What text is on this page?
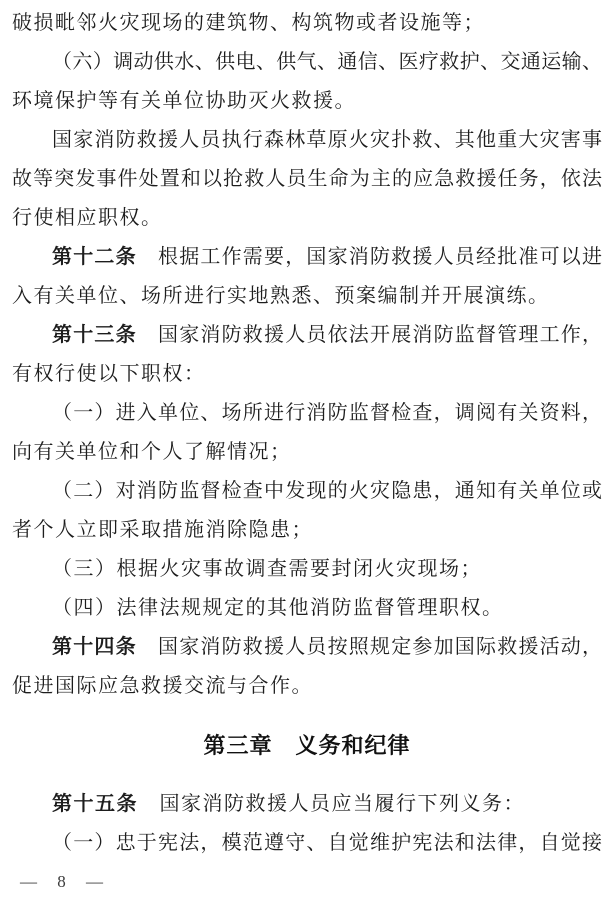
破损毗邻火灾现场的建筑物、构筑物或者设施等；

（六）调动供水、供电、供气、通信、医疗救护、交通运输、

环境保护等有关单位协助灭火救援。

国家消防救援人员执行森林草原火灾扑救、其他重大灾害事

故等突发事件处置和以抢救人员生命为主的应急救援任务，依法

行使相应职权。

第十二条　根据工作需要，国家消防救援人员经批准可以进

入有关单位、场所进行实地熟悉、预案编制并开展演练。

第十三条　国家消防救援人员依法开展消防监督管理工作，

有权行使以下职权：

（一）进入单位、场所进行消防监督检查，调阅有关资料，

向有关单位和个人了解情况；

（二）对消防监督检查中发现的火灾隐患，通知有关单位或

者个人立即采取措施消除隐患；

（三）根据火灾事故调查需要封闭火灾现场；

（四）法律法规规定的其他消防监督管理职权。

第十四条　国家消防救援人员按照规定参加国际救援活动，

促进国际应急救援交流与合作。

第三章　义务和纪律

第十五条　国家消防救援人员应当履行下列义务：

（一）忠于宪法，模范遵守、自觉维护宪法和法律，自觉接

— 8 —
